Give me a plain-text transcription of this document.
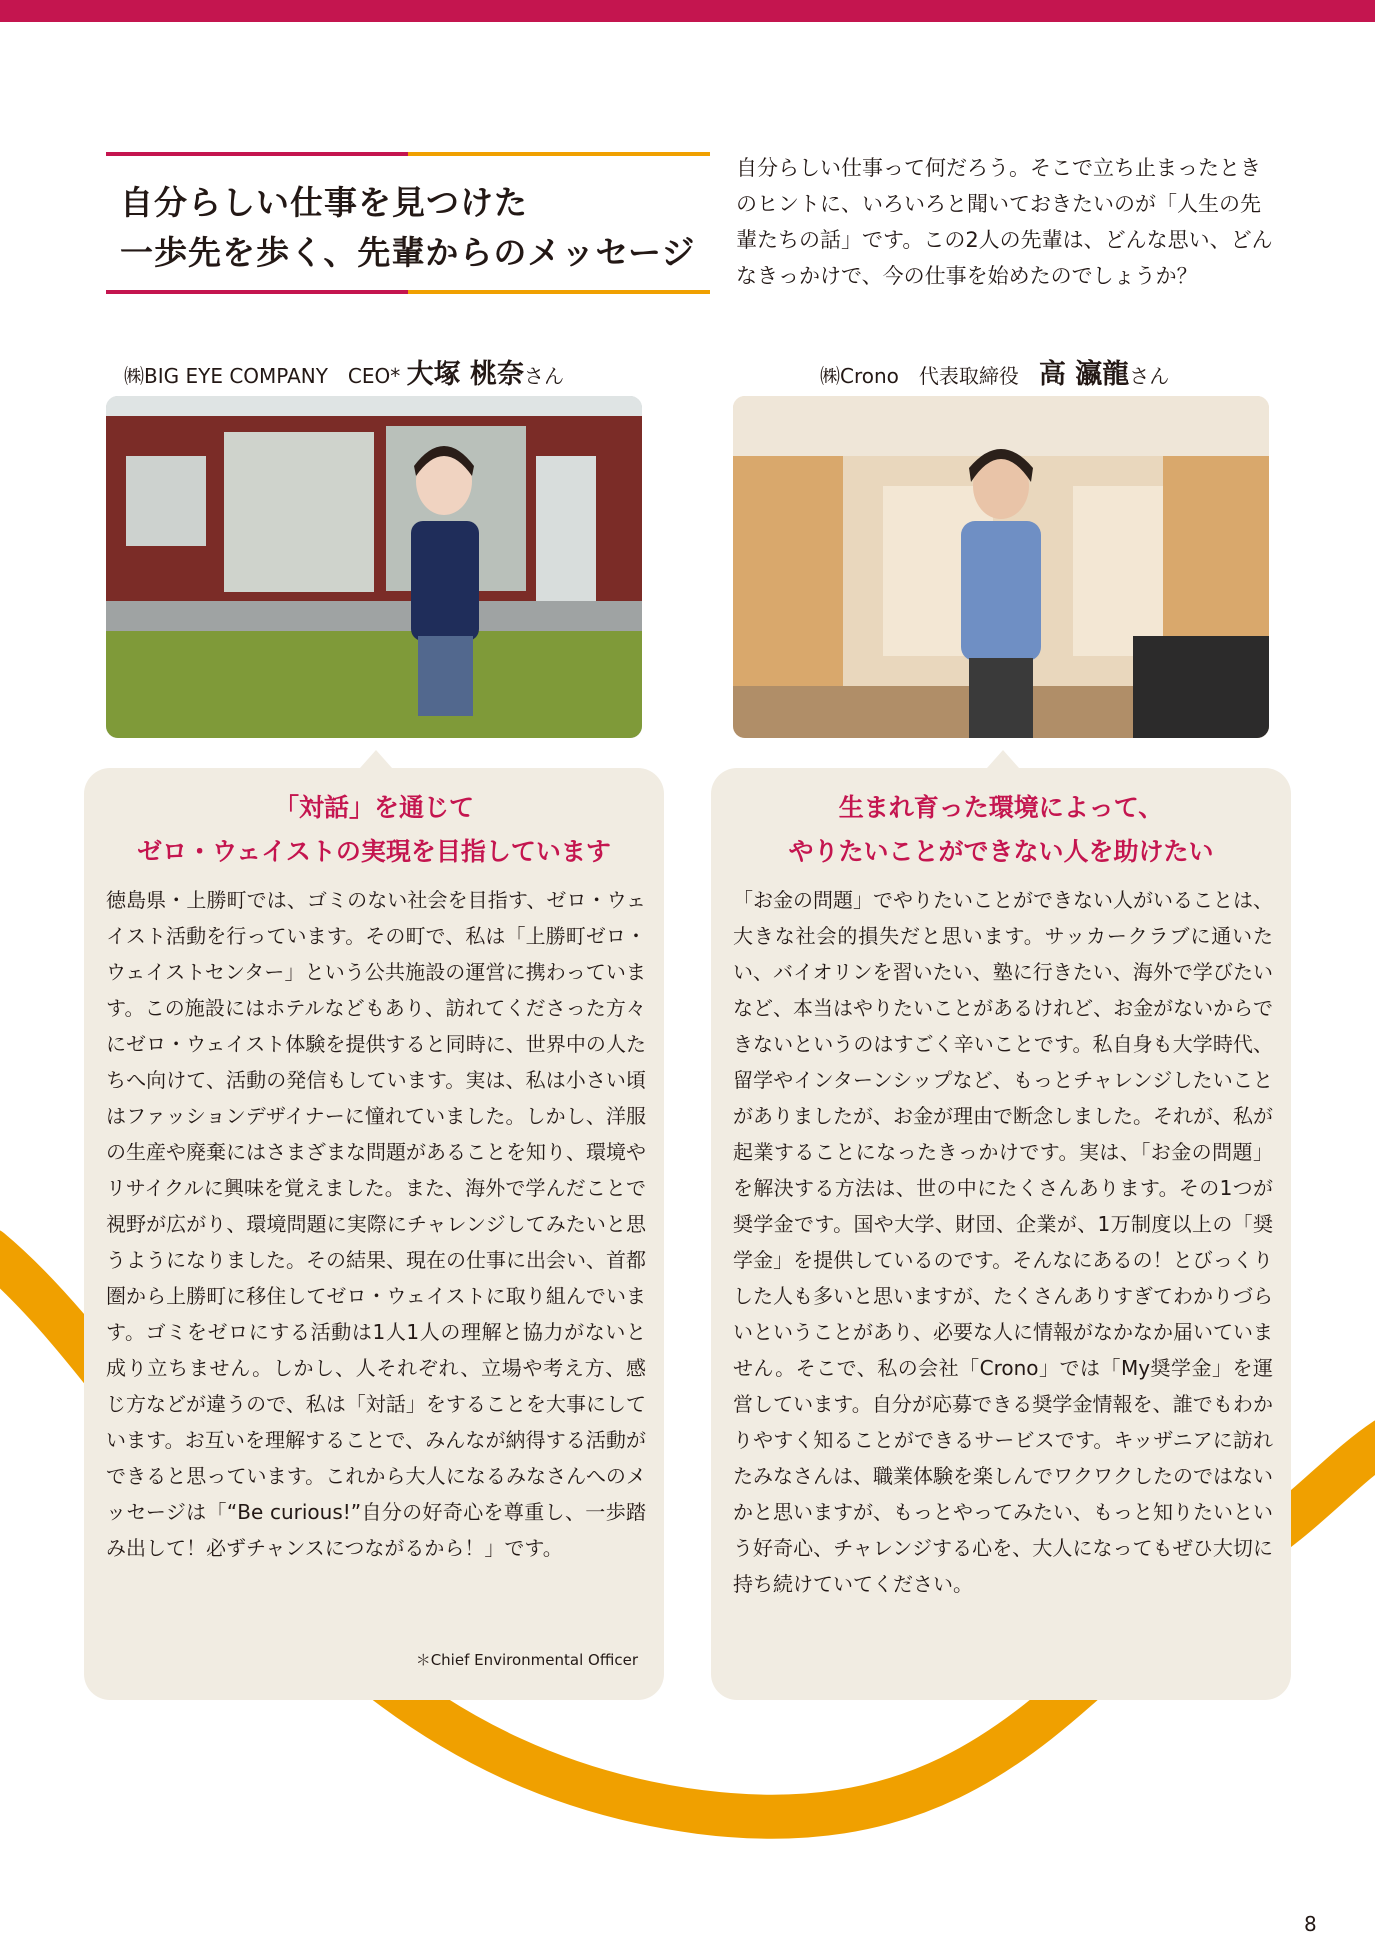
自分らしい仕事を見つけた
一歩先を歩く、先輩からのメッセージ

自分らしい仕事って何だろう。そこで立ち止まったときのヒントに、いろいろと聞いておきたいのが「人生の先輩たちの話」です。この2人の先輩は、どんな思い、どんなきっかけで、今の仕事を始めたのでしょうか？

㈱BIG EYE COMPANY　CEO* 大塚 桃奈さん	㈱Crono　代表取締役　高 瀛龍さん

「対話」を通じて
ゼロ・ウェイストの実現を目指しています

徳島県・上勝町では、ゴミのない社会を目指す、ゼロ・ウェイスト活動を行っています。その町で、私は「上勝町ゼロ・ウェイストセンター」という公共施設の運営に携わっています。この施設にはホテルなどもあり、訪れてくださった方々にゼロ・ウェイスト体験を提供すると同時に、世界中の人たちへ向けて、活動の発信もしています。実は、私は小さい頃はファッションデザイナーに憧れていました。しかし、洋服の生産や廃棄にはさまざまな問題があることを知り、環境やリサイクルに興味を覚えました。また、海外で学んだことで視野が広がり、環境問題に実際にチャレンジしてみたいと思うようになりました。その結果、現在の仕事に出会い、首都圏から上勝町に移住してゼロ・ウェイストに取り組んでいます。ゴミをゼロにする活動は1人1人の理解と協力がないと成り立ちません。しかし、人それぞれ、立場や考え方、感じ方などが違うので、私は「対話」をすることを大事にしています。お互いを理解することで、みんなが納得する活動ができると思っています。これから大人になるみなさんへのメッセージは「“Be curious!”自分の好奇心を尊重し、一歩踏み出して！必ずチャンスにつながるから！」です。

＊Chief Environmental Officer
生まれ育った環境によって、
やりたいことができない人を助けたい

「お金の問題」でやりたいことができない人がいることは、大きな社会的損失だと思います。サッカークラブに通いたい、バイオリンを習いたい、塾に行きたい、海外で学びたいなど、本当はやりたいことがあるけれど、お金がないからできないというのはすごく辛いことです。私自身も大学時代、留学やインターンシップなど、もっとチャレンジしたいことがありましたが、お金が理由で断念しました。それが、私が起業することになったきっかけです。実は、「お金の問題」を解決する方法は、世の中にたくさんあります。その1つが奨学金です。国や大学、財団、企業が、1万制度以上の「奨学金」を提供しているのです。そんなにあるの！とびっくりした人も多いと思いますが、たくさんありすぎてわかりづらいということがあり、必要な人に情報がなかなか届いていません。そこで、私の会社「Crono」では「My奨学金」を運営しています。自分が応募できる奨学金情報を、誰でもわかりやすく知ることができるサービスです。キッザニアに訪れたみなさんは、職業体験を楽しんでワクワクしたのではないかと思いますが、もっとやってみたい、もっと知りたいという好奇心、チャレンジする心を、大人になってもぜひ大切に持ち続けていてください。

8
